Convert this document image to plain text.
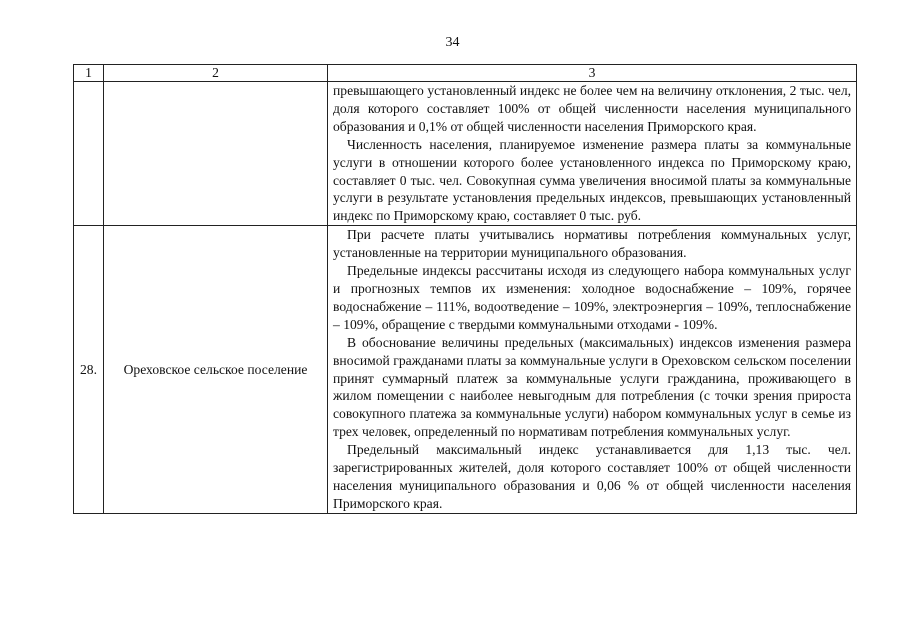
34
1	2	3

		превышающего установленный индекс не более чем на величину отклонения, 2 тыс. чел, доля которого составляет 100% от общей численности населения муниципального образования и 0,1% от общей численности населения Приморского края.

Численность населения, планируемое изменение размера платы за коммунальные услуги в отношении которого более установленного индекса по Приморскому краю, составляет 0 тыс. чел. Совокупная сумма увеличения вносимой платы за коммунальные услуги в результате установления предельных индексов, превышающих установленный индекс по Приморскому краю, составляет 0 тыс. руб.

28.	Ореховское сельское поселение	При расчете платы учитывались нормативы потребления коммунальных услуг, установленные на территории муниципального образования.

Предельные индексы рассчитаны исходя из следующего набора коммунальных услуг и прогнозных темпов их изменения: холодное водоснабжение – 109%, горячее водоснабжение – 111%, водоотведение – 109%, электроэнергия – 109%, теплоснабжение – 109%, обращение с твердыми коммунальными отходами - 109%.

В обоснование величины предельных (максимальных) индексов изменения размера вносимой гражданами платы за коммунальные услуги в Ореховском сельском поселении принят суммарный платеж за коммунальные услуги гражданина, проживающего в жилом помещении с наиболее невыгодным для потребления (с точки зрения прироста совокупного платежа за коммунальные услуги) набором коммунальных услуг в семье из трех человек, определенный по нормативам потребления коммунальных услуг.

Предельный максимальный индекс устанавливается для 1,13 тыс. чел. зарегистрированных жителей, доля которого составляет 100% от общей численности населения муниципального образования и 0,06 % от общей численности населения Приморского края.
